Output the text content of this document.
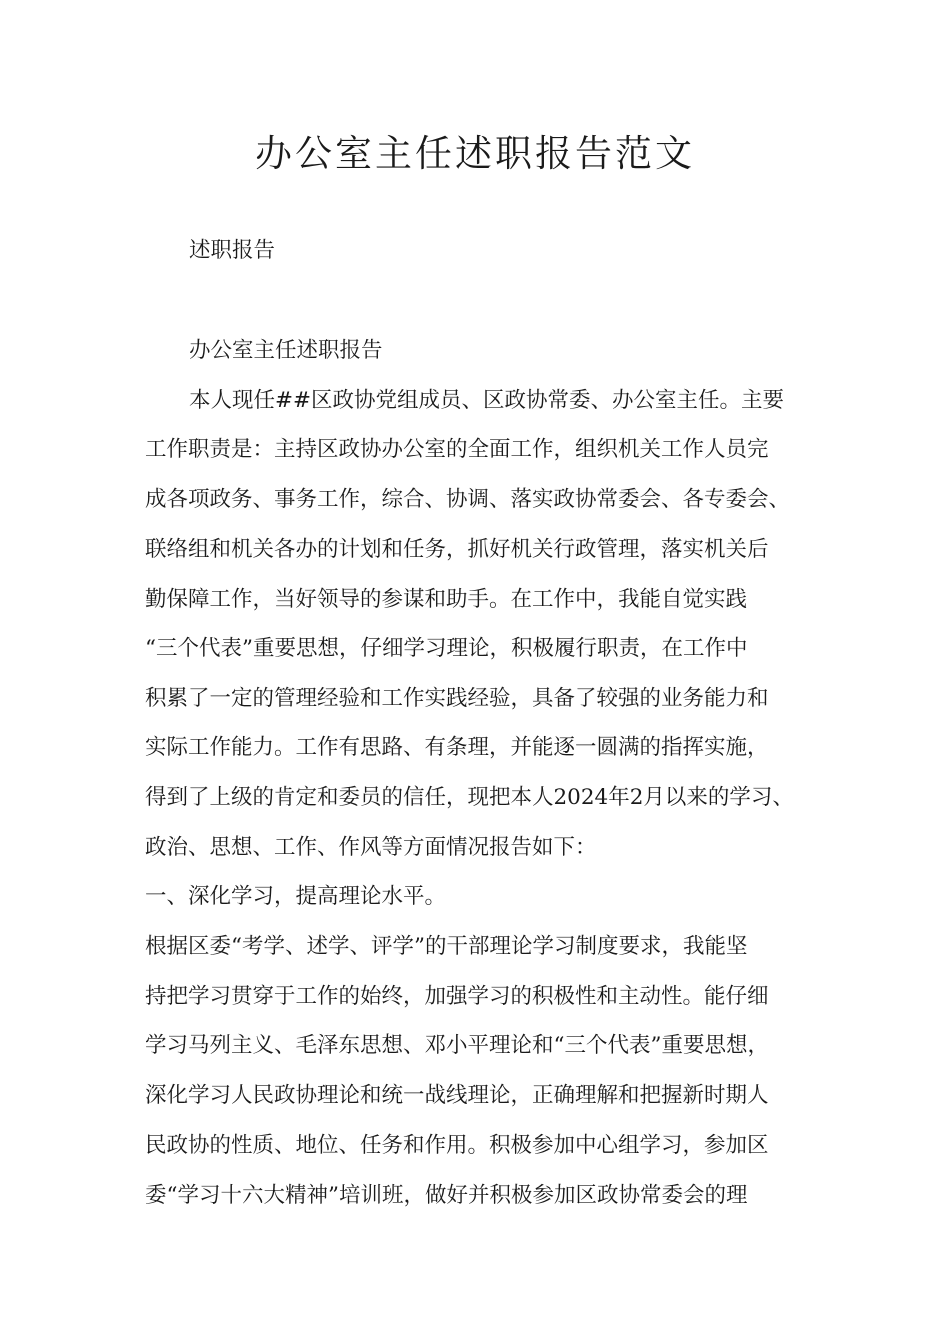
办公室主任述职报告范文

述职报告

办公室主任述职报告

本人现任##区政协党组成员、区政协常委、办公室主任。主要

工作职责是：主持区政协办公室的全面工作，组织机关工作人员完

成各项政务、事务工作，综合、协调、落实政协常委会、各专委会、

联络组和机关各办的计划和任务，抓好机关行政管理，落实机关后

勤保障工作，当好领导的参谋和助手。在工作中，我能自觉实践

“三个代表”重要思想，仔细学习理论，积极履行职责，在工作中

积累了一定的管理经验和工作实践经验，具备了较强的业务能力和

实际工作能力。工作有思路、有条理，并能逐一圆满的指挥实施，

得到了上级的肯定和委员的信任，现把本人2024年2月以来的学习、

政治、思想、工作、作风等方面情况报告如下：

一、深化学习，提高理论水平。

根据区委“考学、述学、评学”的干部理论学习制度要求，我能坚

持把学习贯穿于工作的始终，加强学习的积极性和主动性。能仔细

学习马列主义、毛泽东思想、邓小平理论和“三个代表”重要思想，

深化学习人民政协理论和统一战线理论，正确理解和把握新时期人

民政协的性质、地位、任务和作用。积极参加中心组学习，参加区

委“学习十六大精神”培训班，做好并积极参加区政协常委会的理
